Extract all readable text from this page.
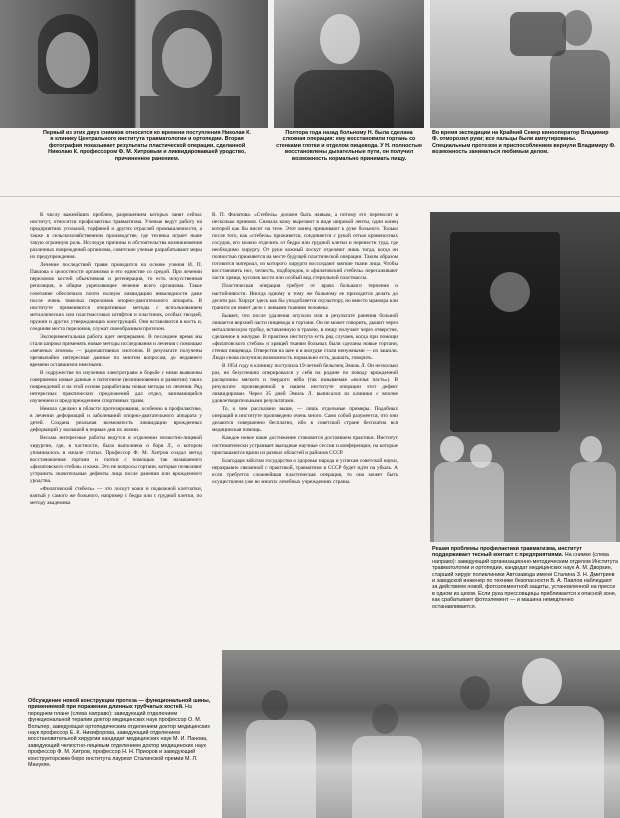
Первый из этих двух снимков относится ко времени поступления Николая К. в клинику Центрального института травматологии и ортопедии. Вторая фотография показывает результаты пластической операции, сделанной Николаю К. профессором Ф. М. Хитровым и ликвидировавшей уродство, причиненное ранением.

Полтора года назад больному Н. была сделана сложная операция: ему восстановили гортань со стенками глотки и отделом пищевода. У Н. полностью восстановлены дыхательные пути, он получил возможность нормально принимать пищу.

Во время экспедиции на Крайний Север кинооператор Владимир Ф. отморозил руки; все пальцы были ампутированы. Специальным протезом и приспособлением вернули Владимиру Ф. возможность заниматься любимым делом.

К числу важнейших проблем, разрешением которых занят сейчас институт, относится профилактика травматизма. Ученые ведут работу на предприятиях угольной, торфяной и других отраслей промышленности, а также в сельскохозяйственном производстве, где техника играет ныне такую огромную роль. Исследуя причины и обстоятельства возникновения различных повреждений организма, советские ученые разрабатывают меры их предупреждения.

Лечение последствий травм проводится на основе учения И. П. Павлова о целостности организма и его единстве со средой. При лечении переломов костей объективная и регенерация, то есть искусственная репозиция, в общем укрепляющее лечение всего организма. Такое сочетание обеспечило почти полную ликвидацию инвалидности даже после очень тяжелых переломов опорно-двигательного аппарата. В институте применяются оперативные методы с использованием металлических или пластмассовых штифтов и пластинок, особых гвоздей, пружин и других утверждающих конструкций. Они вставляются в кость и, соединяя места переломов, служат своеобразным протезом.

Экспериментальная работа идет непрерывно. В последнее время мы стали широко применять новые методы исследования и лечения с помощью «меченых атомов» — радиоактивных изотопов. В результате получены чрезвычайно интересные данные по многим вопросам, до недавнего времени оставшимся неясными.

В содружестве по изучению электротравм и борьбе с ними выявлены совершенно новые данные о патогенезе (возникновении и развитии) таких повреждений и на этой основе разработаны новые методы их лечения. Ряд интересных практических предложений дал отдел, занимающийся изучением и предупреждением спортивных травм.

Немало сделано в области протезирования, особенно в профилактике, в лечении деформаций и заболеваний опорно-двигательного аппарата у детей. Создана реальная возможность ликвидации врожденных деформаций у малышей в первые дни их жизни.

Весьма интересные работы ведутся в отделении челюстно-лицевой хирургии, где, в частности, была выполнена и боря Л., о котором упоминалось в начале статьи. Профессор Ф. М. Хитров создал метод восстановления гортани и глотки с помощью так называемого «филатовского стебля» и кожи. Это не вопросы гортани, которые позволяют устранить значительные дефекты лица после ранения или врожденного уродства.

«Филатовский стебель» — это лоскут кожи и подкожной клетчатки, взятый у самого же больного, например с бедра или с грудной клетки, по методу академика

В. П. Филатова. «Стебель» должен быть живым, а потому его переносят в несколько приемов. Сначала кожу вырезают в виде широкой ленты, один конец которой как бы висит на теле. Этот конец пришивают к руке больного. Только после того, как «стебель» приживется, соединяется с рукой сетью кровеносных сосудов, его можно отделить от бедра или грудной клетки и перенести туда, где необходимо хирургу. От руки кожный лоскут отделяют лишь тогда, когда он полностью приживется на месте будущей пластической операции. Таким образом готовится материал, из которого хирурги воссоздают мягкие ткани лица. Чтобы восстановить нос, челюсть, подбородок, в «филатовский стебель» пересаживают части хряща, кусочек кости или особый вид стерильной пластмассы.

Пластическая операция требует от врача большого терпения и настойчивости. Иногда одному и тому же больному ее приходится делать до десяти раз. Хирург здесь как бы уподобляется скульптору, но вместо мрамора или гранита он имеет дело с живыми тканями человека.

Бывает, что после удаления опухоли или в результате ранения больной лишается верхней части пищевода и гортани. Он не может говорить, дышит через металлическую трубку, вставленную в трахею, в пищу получает через отверстие, сделанное в желудке. В практике института есть ряд случаев, когда при помощи «филатовского стебля» и хрящей тканям больных были сделаны новые гортани, стенки пищевода. Отверстия на шее и в желудке стали ненужными — их зашили. Люди снова получили возможность нормально есть, дышать, говорить.

В 1954 году в клинику поступила 19-летней бельгиец Эмиль Л. Он несколько раз, но безуспешно оперировался у себя на родине по поводу врожденной расщелины мягкого и твердого нёба (так называемая «волчья пасть»). В результате произведенной в нашем институте операции этот дефект ликвидирован. Через 35 дней Эмиль Л. выписался из клиники с вполне удовлетворительными результатами.

То, о чем рассказано выше, — лишь отдельные примеры. Подобных операций в институте произведено очень много. Само собой разумеется, что они делаются совершенно бесплатно, ибо в советской стране бесплатна вся медицинская помощь.

Каждое новое наше достижение становится достоянием практики. Институт систематически устраивает выездные научные сессии и конференции, на которые приглашаются врачи из разных областей и районов СССР.

Благодаря заботам государства о здоровье народа и успехам советской науки, неразрывно связанной с практикой, травматизм в СССР будет идти на убыль. А если требуется сложнейшая пластическая операция, то она может быть осуществлена уже во многих лечебных учреждениях страны.

Решая проблемы профилактики травматизма, институт поддерживает тесный контакт с предприятиями. На снимке (слева направо): заведующий организационно-методическим отделом Института травматологии и ортопедии, кандидат медицинских наук А. М. Дворкин, старший хирург поликлиники Автозавода имени Сталина З. Н. Дмитриев и заводской инженер по технике безопасности В. А. Павлов наблюдают за действием новой, фотоэлементной защиты, установленной на прессе в одном из цехов. Если рука прессовщицы приближается к опасной зоне, как срабатывает фотоэлемент — и машина немедленно останавливается.

Обсуждение новой конструкции протеза — функциональной шины, применяемой при поражении длинных трубчатых костей. На переднем плане (слева направо): заведующий отделением функциональной терапии доктор медицинских наук профессор О. М. Вольпер, заведующая ортопедическим отделением доктор медицинских наук профессор Е. К. Никифорова, заведующий отделением восстановительной хирургии кандидат медицинских наук М. И. Панова, заведующий челюстно-лицевым отделением доктор медицинских наук профессор Ф. М. Хитров, профессор Н. Н. Приоров и заведующий конструкторским бюро института лауреат Сталинской премии М. Л. Манукян.
